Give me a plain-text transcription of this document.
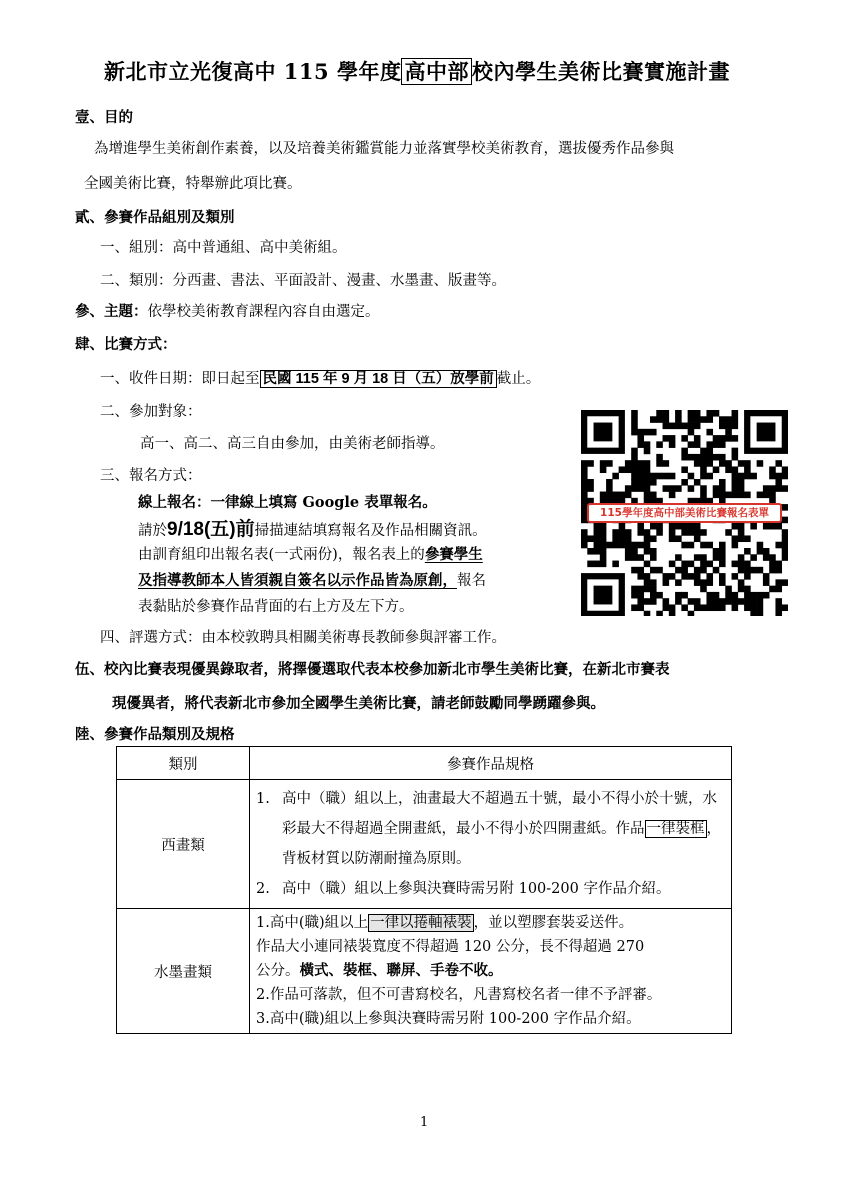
新北市立光復高中 115 學年度 高中部 校內學生美術比賽實施計畫
壹、目的
為增進學生美術創作素養，以及培養美術鑑賞能力並落實學校美術教育，選拔優秀作品參與
全國美術比賽，特舉辦此項比賽。
貳、參賽作品組別及類別
一、組別：高中普通組、高中美術組。
二、類別：分西畫、書法、平面設計、漫畫、水墨畫、版畫等。
參、主題：依學校美術教育課程內容自由選定。
肆、比賽方式：
一、收件日期：即日起至 民國 115 年 9 月 18 日（五）放學前 截止。
二、參加對象：
高一、高二、高三自由參加，由美術老師指導。
三、報名方式：
線上報名：一律線上填寫 Google 表單報名。
請於9/18(五)前掃描連結填寫報名及作品相關資訊。
由訓育組印出報名表(一式兩份)，報名表上的參賽學生
及指導教師本人皆須親自簽名以示作品皆為原創，報名
表黏貼於參賽作品背面的右上方及左下方。
四、評選方式：由本校敦聘具相關美術專長教師參與評審工作。
115學年度高中部美術比賽報名表單
伍、校內比賽表現優異錄取者，將擇優選取代表本校參加新北市學生美術比賽，在新北市賽表
現優異者，將代表新北市參加全國學生美術比賽，請老師鼓勵同學踴躍參與。
陸、參賽作品類別及規格
類別	參賽作品規格
西畫類	1. 高中（職）組以上，油畫最大不超過五十號，最小不得小於十號，水彩最大不得超過全開畫紙，最小不得小於四開畫紙。作品 一律裝框 ，背板材質以防潮耐撞為原則。
2. 高中（職）組以上參與決賽時需另附 100-200 字作品介紹。

水墨畫類	1.高中(職)組以上 一律以捲軸裱裝 ，並以塑膠套裝妥送件。
作品大小連同裱裝寬度不得超過 120 公分，長不得超過 270
公分。橫式、裝框、聯屏、手卷不收。
2.作品可落款，但不可書寫校名，凡書寫校名者一律不予評審。
3.高中(職)組以上參與決賽時需另附 100-200 字作品介紹。
1
